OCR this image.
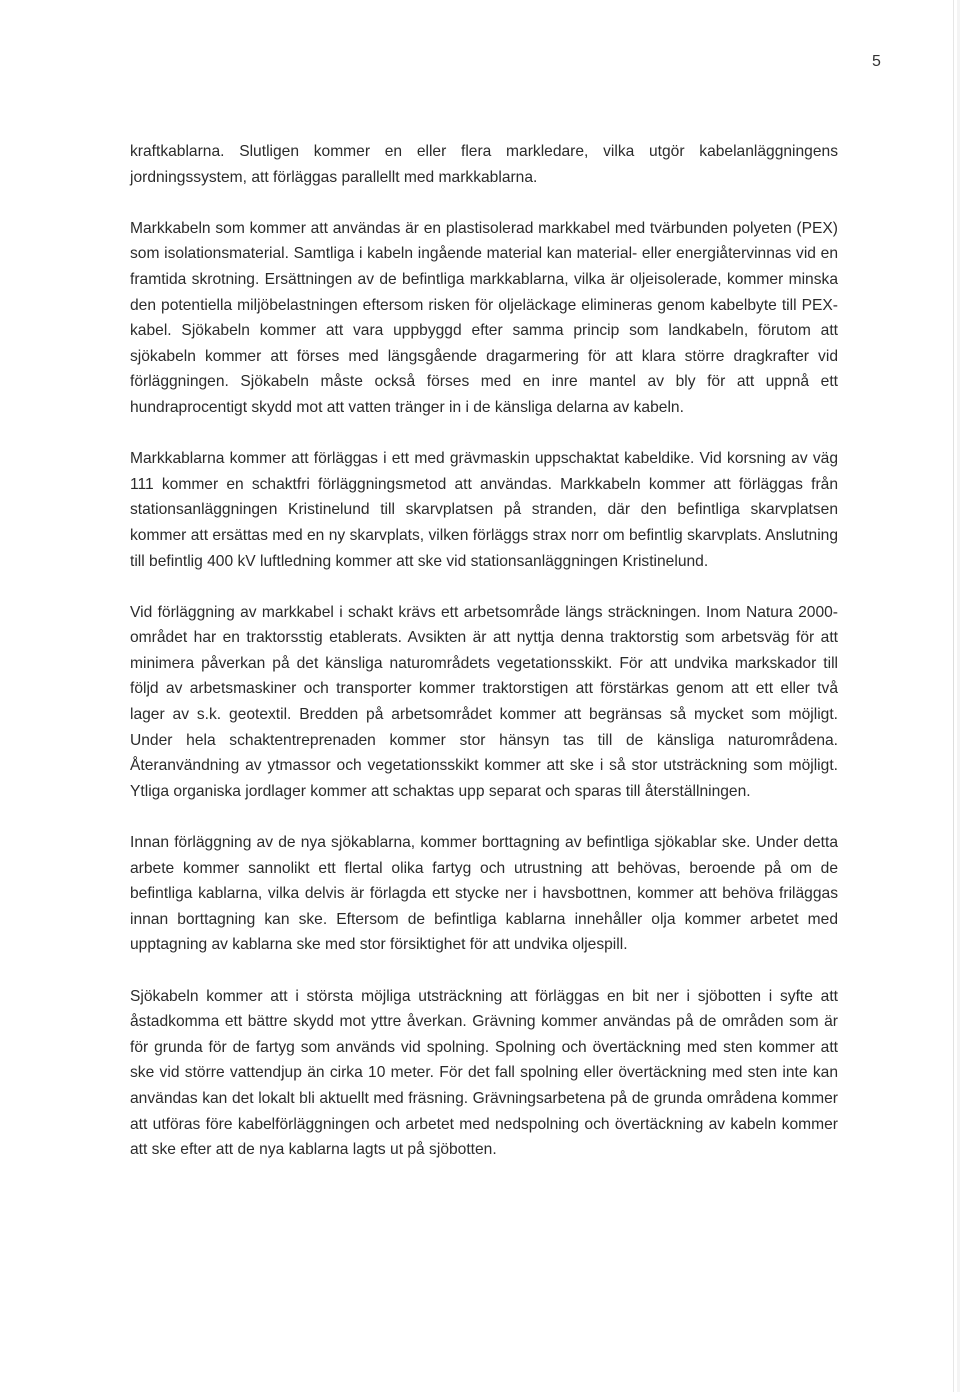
5

kraftkablarna. Slutligen kommer en eller flera markledare, vilka utgör kabelanläggningens jordningssystem, att förläggas parallellt med markkablarna.

Markkabeln som kommer att användas är en plastisolerad markkabel med tvärbunden polyeten (PEX) som isolationsmaterial. Samtliga i kabeln ingående material kan material- eller energiåtervinnas vid en framtida skrotning. Ersättningen av de befintliga markkablarna, vilka är oljeisolerade, kommer minska den potentiella miljöbelastningen eftersom risken för oljeläckage elimineras genom kabelbyte till PEX-kabel. Sjökabeln kommer att vara uppbyggd efter samma princip som landkabeln, förutom att sjökabeln kommer att förses med längsgående dragarmering för att klara större dragkrafter vid förläggningen. Sjökabeln måste också förses med en inre mantel av bly för att uppnå ett hundraprocentigt skydd mot att vatten tränger in i de känsliga delarna av kabeln.

Markkablarna kommer att förläggas i ett med grävmaskin uppschaktat kabeldike. Vid korsning av väg 111 kommer en schaktfri förläggningsmetod att användas. Markkabeln kommer att förläggas från stationsanläggningen Kristinelund till skarvplatsen på stranden, där den befintliga skarvplatsen kommer att ersättas med en ny skarvplats, vilken förläggs strax norr om befintlig skarvplats. Anslutning till befintlig 400 kV luftledning kommer att ske vid stationsanläggningen Kristinelund.

Vid förläggning av markkabel i schakt krävs ett arbetsområde längs sträckningen. Inom Natura 2000-området har en traktorsstig etablerats. Avsikten är att nyttja denna traktorstig som arbetsväg för att minimera påverkan på det känsliga naturområdets vegetationsskikt. För att undvika markskador till följd av arbetsmaskiner och transporter kommer traktorstigen att förstärkas genom att ett eller två lager av s.k. geotextil. Bredden på arbetsområdet kommer att begränsas så mycket som möjligt. Under hela schaktentreprenaden kommer stor hänsyn tas till de känsliga naturområdena. Återanvändning av ytmassor och vegetationsskikt kommer att ske i så stor utsträckning som möjligt. Ytliga organiska jordlager kommer att schaktas upp separat och sparas till återställningen.

Innan förläggning av de nya sjökablarna, kommer borttagning av befintliga sjökablar ske. Under detta arbete kommer sannolikt ett flertal olika fartyg och utrustning att behövas, beroende på om de befintliga kablarna, vilka delvis är förlagda ett stycke ner i havsbottnen, kommer att behöva friläggas innan borttagning kan ske. Eftersom de befintliga kablarna innehåller olja kommer arbetet med upptagning av kablarna ske med stor försiktighet för att undvika oljespill.

Sjökabeln kommer att i största möjliga utsträckning att förläggas en bit ner i sjöbotten i syfte att åstadkomma ett bättre skydd mot yttre åverkan. Grävning kommer användas på de områden som är för grunda för de fartyg som används vid spolning. Spolning och övertäckning med sten kommer att ske vid större vattendjup än cirka 10 meter. För det fall spolning eller övertäckning med sten inte kan användas kan det lokalt bli aktuellt med fräsning. Grävningsarbetena på de grunda områdena kommer att utföras före kabelförläggningen och arbetet med nedspolning och övertäckning av kabeln kommer att ske efter att de nya kablarna lagts ut på sjöbotten.
